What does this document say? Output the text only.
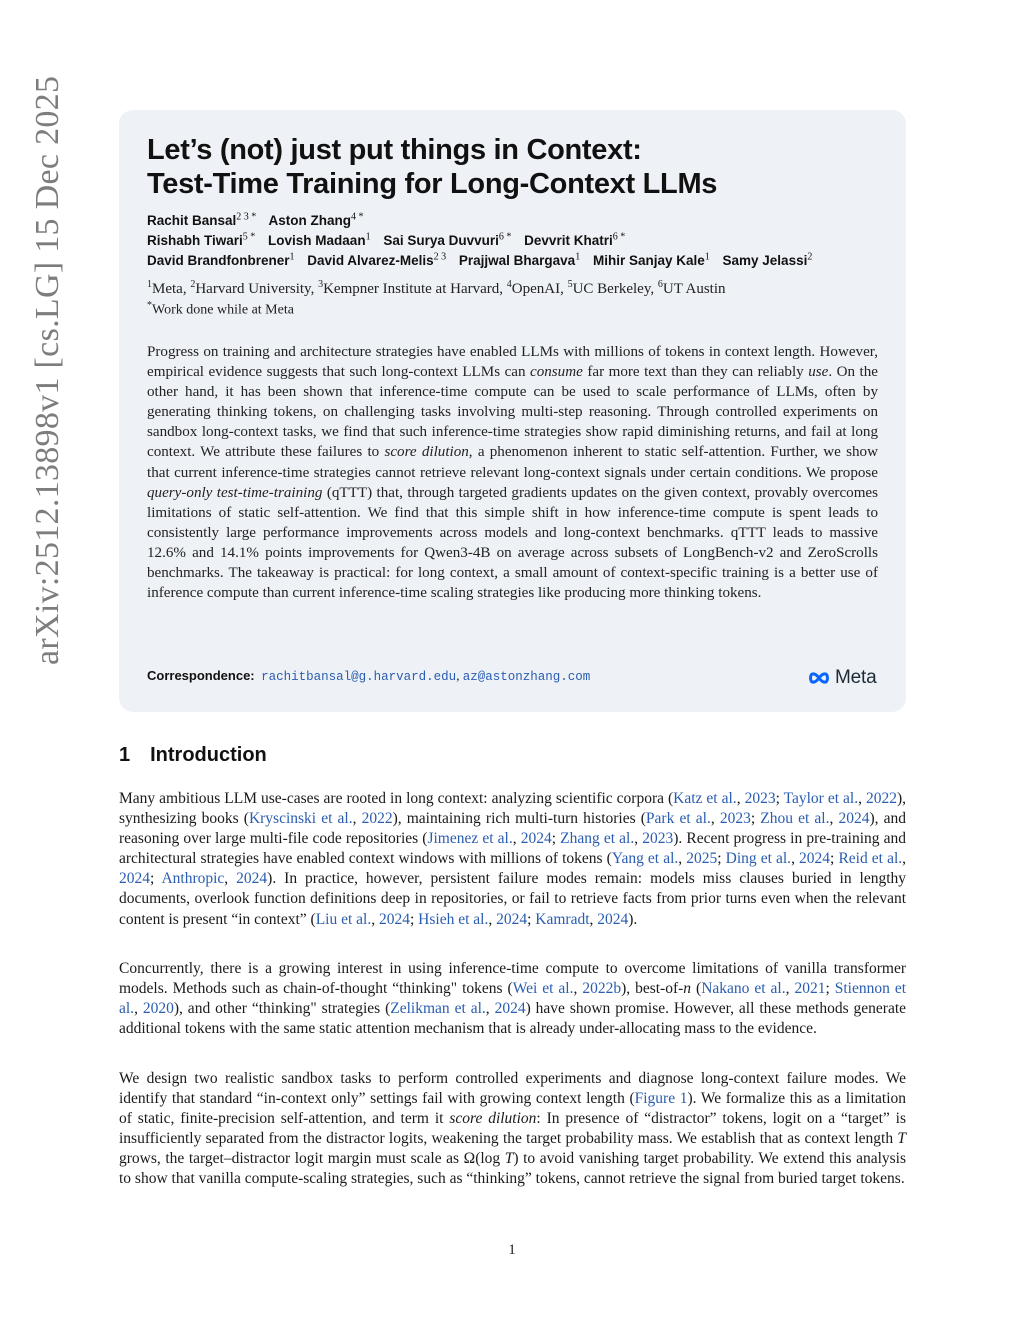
arXiv:2512.13898v1 [cs.LG] 15 Dec 2025	Let’s (not) just put things in Context:
Test-Time Training for Long-Context LLMs
Rachit Bansal$^{2 3 *}$ Aston Zhang$^{4 *}$
Rishabh Tiwari$^{5 *}$ Lovish Madaan$^1$ Sai Surya Duvvuri$^{6 *}$ Devvrit Khatri$^{6 *}$
David Brandfonbrener$^1$ David Alvarez-Melis$^{2 3}$ Prajjwal Bhargava$^1$ Mihir Sanjay Kale$^1$ Samy Jelassi$^2$
$^1$Meta, $^2$Harvard University, $^3$Kempner Institute at Harvard, $^4$OpenAI, $^5$UC Berkeley, $^6$UT Austin
*Work done while at Meta
Progress on training and architecture strategies have enabled LLMs with millions of tokens in context length. However, empirical evidence suggests that such long-context LLMs can consume far more text than they can reliably use. On the other hand, it has been shown that inference-time compute can be used to scale performance of LLMs, often by generating thinking tokens, on challenging tasks involving multi-step reasoning. Through controlled experiments on sandbox long-context tasks, we find that such inference-time strategies show rapid diminishing returns, and fail at long context. We attribute these failures to score dilution, a phenomenon inherent to static self-attention. Further, we show that current inference-time strategies cannot retrieve relevant long-context signals under certain conditions. We propose query-only test-time-training (qTTT) that, through targeted gradients updates on the given context, provably overcomes limitations of static self-attention. We find that this simple shift in how inference-time compute is spent leads to consistently large performance improvements across models and long-context benchmarks. qTTT leads to massive 12.6% and 14.1% points improvements for Qwen3-4B on average across subsets of LongBench-v2 and ZeroScrolls benchmarks. The takeaway is practical: for long context, a small amount of context-specific training is a better use of inference compute than current inference-time scaling strategies like producing more thinking tokens.
Correspondence: rachitbansal@g.harvard.edu, az@astonzhang.com	Meta
1 Introduction
Many ambitious LLM use-cases are rooted in long context: analyzing scientific corpora (Katz et al., 2023; Taylor et al., 2022), synthesizing books (Kryscinski et al., 2022), maintaining rich multi-turn histories (Park et al., 2023; Zhou et al., 2024), and reasoning over large multi-file code repositories (Jimenez et al., 2024; Zhang et al., 2023). Recent progress in pre-training and architectural strategies have enabled context windows with millions of tokens (Yang et al., 2025; Ding et al., 2024; Reid et al., 2024; Anthropic, 2024). In practice, however, persistent failure modes remain: models miss clauses buried in lengthy documents, overlook function definitions deep in repositories, or fail to retrieve facts from prior turns even when the relevant content is present “in context” (Liu et al., 2024; Hsieh et al., 2024; Kamradt, 2024).
Concurrently, there is a growing interest in using inference-time compute to overcome limitations of vanilla transformer models. Methods such as chain-of-thought “thinking" tokens (Wei et al., 2022b), best-of-n (Nakano et al., 2021; Stiennon et al., 2020), and other “thinking" strategies (Zelikman et al., 2024) have shown promise. However, all these methods generate additional tokens with the same static attention mechanism that is already under-allocating mass to the evidence.
We design two realistic sandbox tasks to perform controlled experiments and diagnose long-context failure modes. We identify that standard “in-context only” settings fail with growing context length (Figure 1). We formalize this as a limitation of static, finite-precision self-attention, and term it score dilution: In presence of “distractor” tokens, logit on a “target” is insufficiently separated from the distractor logits, weakening the target probability mass. We establish that as context length T grows, the target–distractor logit margin must scale as Ω(log T) to avoid vanishing target probability. We extend this analysis to show that vanilla compute-scaling strategies, such as “thinking” tokens, cannot retrieve the signal from buried target tokens.
1
